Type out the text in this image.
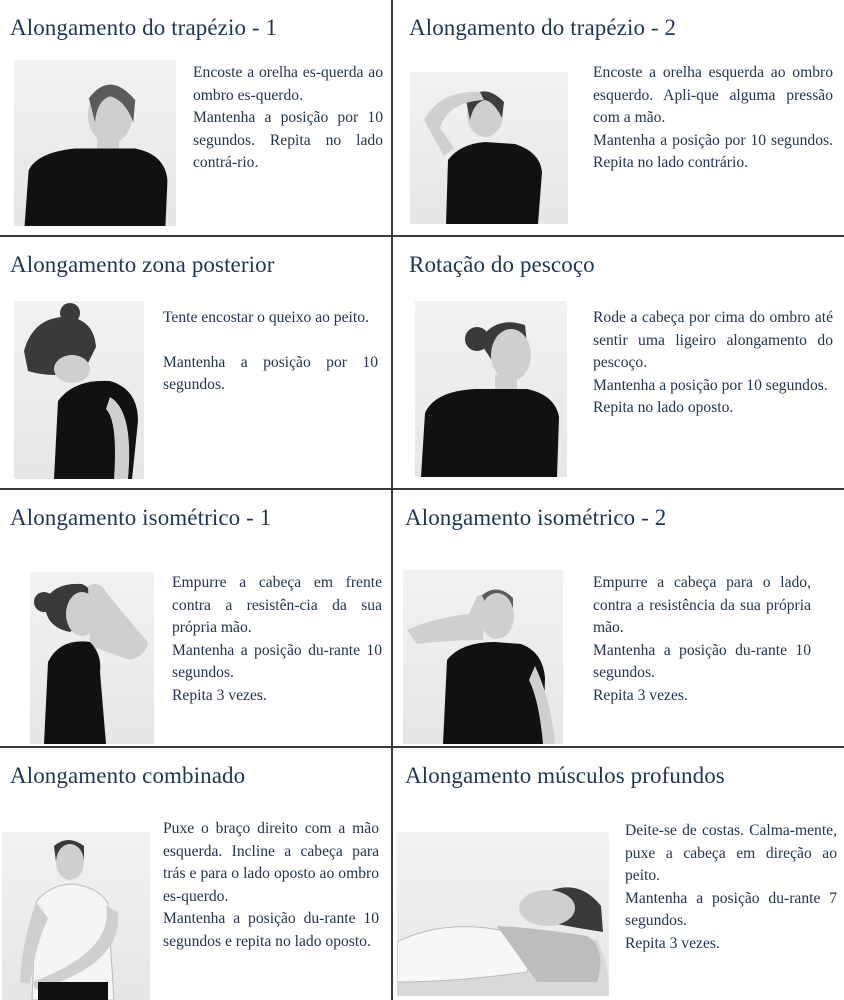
Alongamento do trapézio - 1

Encoste a orelha es-querda ao ombro es-querdo.

Mantenha a posição por 10 segundos. Repita no lado contrá-rio.

Alongamento do trapézio - 2

Encoste a orelha esquerda ao ombro esquerdo. Apli-que alguma pressão com a mão.

Mantenha a posição por 10 segundos. Repita no lado contrário.

Alongamento zona posterior

Tente encostar o queixo ao peito.

Mantenha a posição por 10 segundos.

Rotação do pescoço

Rode a cabeça por cima do ombro até sentir uma ligeiro alongamento do pescoço.

Mantenha a posição por 10 segundos.

Repita no lado oposto.

Alongamento isométrico - 1

Empurre a cabeça em frente contra a resistên-cia da sua própria mão.

Mantenha a posição du-rante 10 segundos.

Repita 3 vezes.

Alongamento isométrico - 2

Empurre a cabeça para o lado, contra a resistência da sua própria mão.

Mantenha a posição du-rante 10 segundos.

Repita 3 vezes.

Alongamento combinado

Puxe o braço direito com a mão esquerda. Incline a cabeça para trás e para o lado oposto ao ombro es-querdo.

Mantenha a posição du-rante 10 segundos e repita no lado oposto.

Alongamento músculos profundos

Deite-se de costas. Calma-mente, puxe a cabeça em direção ao peito.

Mantenha a posição du-rante 7 segundos.

Repita 3 vezes.
